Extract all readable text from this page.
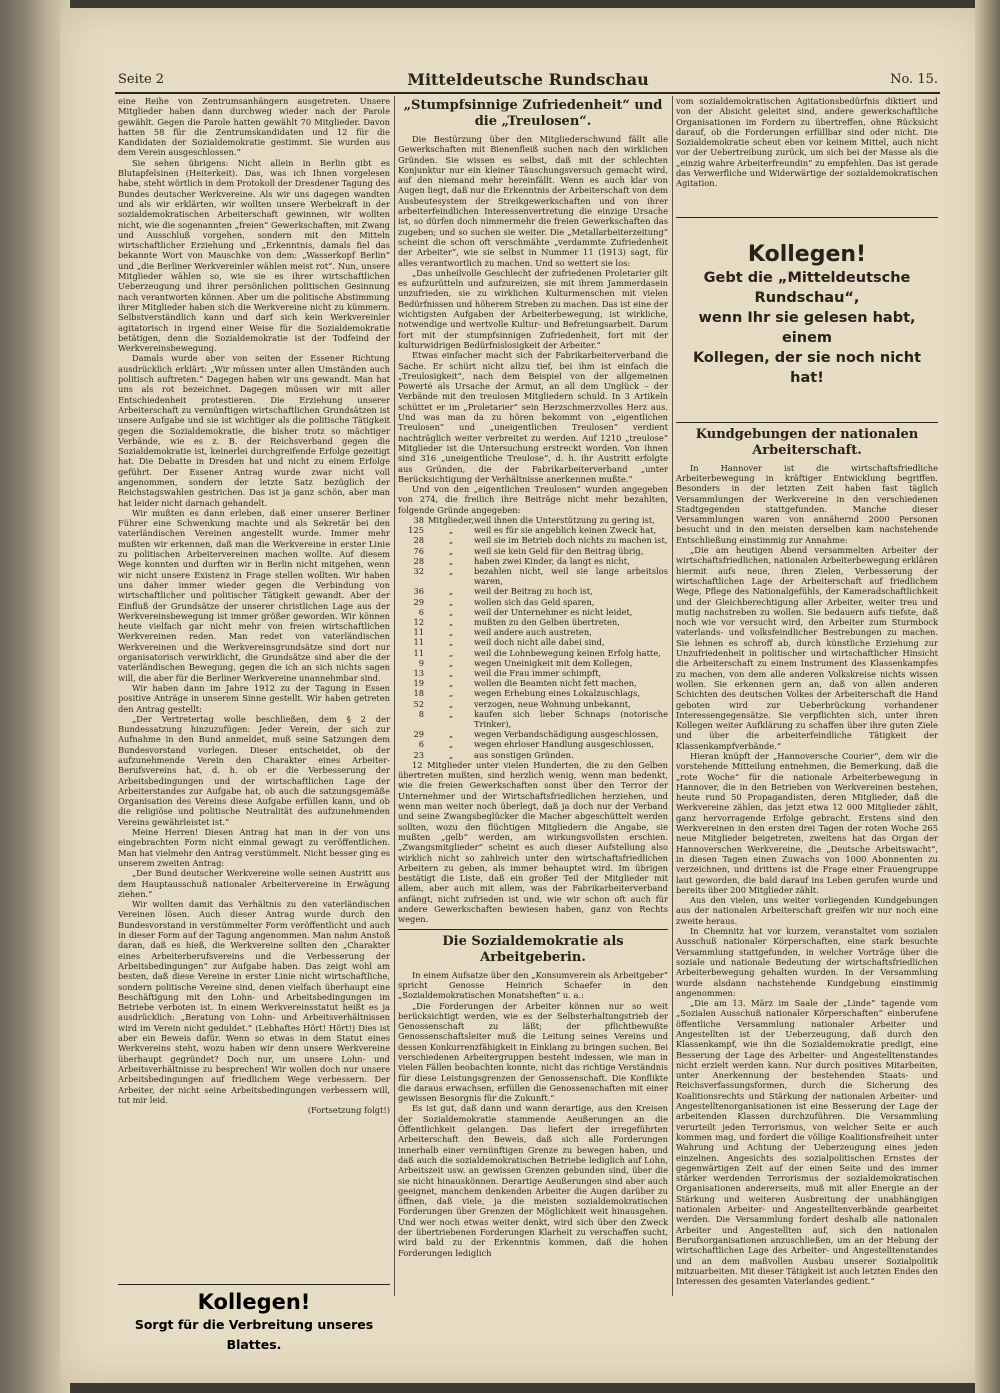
Seite 2	Mitteldeutsche Rundschau	No. 15.

eine Reihe von Zentrumsanhängern ausgetreten. Unsere Mitglieder haben dann durchweg wieder nach der Parole gewählt. Gegen die Parole hatten gewählt 70 Mitglieder. Davon hatten 58 für die Zentrumskandidaten und 12 für die Kandidaten der Sozialdemokratie gestimmt. Sie wurden aus dem Verein ausgeschlossen.“

Sie sehen übrigens: Nicht allein in Berlin gibt es Blutapfelsinen (Heiterkeit). Das, was ich Ihnen vorgelesen habe, steht wörtlich in dem Protokoll der Dresdener Tagung des Bundes deutscher Werkvereine. Als wir uns dagegen wandten und als wir erklärten, wir wollten unsere Werbekraft in der sozialdemokratischen Arbeiterschaft gewinnen, wir wollten nicht, wie die sogenannten „freien“ Gewerkschaften, mit Zwang und Ausschluß vorgehen, sondern mit den Mitteln wirtschaftlicher Erziehung und „Erkenntnis, damals fiel das bekannte Wort von Mauschke von dem: „Wasserkopf Berlin“ und „die Berliner Werkvereinler wählen meist rot“. Nun, unsere Mitglieder wählen so, wie sie es ihrer wirtschaftlichen Ueberzeugung und ihrer persönlichen politischen Gesinnung nach verantworten können. Aber um die politische Abstimmung ihrer Mitglieder haben sich die Werkvereine nicht zu kümmern. Selbstverständlich kann und darf sich kein Werkvereinler agitatorisch in irgend einer Weise für die Sozialdemokratie betätigen, denn die Sozialdemokratie ist der Todfeind der Werkvereinsbewegung.

Damals wurde aber von seiten der Essener Richtung ausdrücklich erklärt: „Wir müssen unter allen Umständen auch politisch auftreten.“ Dagegen haben wir uns gewandt. Man hat uns als rot bezeichnet. Dagegen müssen wir mit aller Entschiedenheit protestieren. Die Erziehung unserer Arbeiterschaft zu vernünftigen wirtschaftlichen Grundsätzen ist unsere Aufgabe und sie ist wichtiger als die politische Tätigkeit gegen die Sozialdemokratie, die bisher trotz so mächtiger Verbände, wie es z. B. der Reichsverband gegen die Sozialdemokratie ist, keinerlei durchgreifende Erfolge gezeitigt hat. Die Debatte in Dresden hat und nicht zu einem Erfolge geführt. Der Essener Antrag wurde zwar nicht voll angenommen, sondern der letzte Satz bezüglich der Reichstagswahlen gestrichen. Das ist ja ganz schön, aber man hat leider nicht darnach gehandelt.

Wir mußten es dann erleben, daß einer unserer Berliner Führer eine Schwenkung machte und als Sekretär bei den vaterländischen Vereinen angestellt wurde. Immer mehr mußten wir erkennen, daß man die Werkvereine in erster Linie zu politischen Arbeitervereinen machen wollte. Auf diesem Wege konnten und durften wir in Berlin nicht mitgehen, wenn wir nicht unsere Existenz in Frage stellen wollten. Wir haben uns daher immer wieder gegen die Verbindung von wirtschaftlicher und politischer Tätigkeit gewandt. Aber der Einfluß der Grundsätze der unserer christlichen Lage aus der Werkvereinsbewegung ist immer größer geworden. Wir können heute vielfach gar nicht mehr von freien wirtschaftlichen Werkvereinen reden. Man redet von vaterländischen Werkvereinen und die Werkvereinsgrundsätze sind dort nur organisatorisch verwirklicht, die Grundsätze sind aber die der vaterländischen Bewegung, gegen die ich an sich nichts sagen will, die aber für die Berliner Werkvereine unannehmbar sind.

Wir haben dann im Jahre 1912 zu der Tagung in Essen positive Anträge in unserem Sinne gestellt. Wir haben getreten den Antrag gestellt:

„Der Vertretertag wolle beschließen, dem § 2 der Bundessatzung hinzuzufügen: Jeder Verein, der sich zur Aufnahme in den Bund anmeldet, muß seine Satzungen dem Bundesvorstand vorlegen. Dieser entscheidet, ob der aufzunehmende Verein den Charakter eines Arbeiter-Berufsvereins hat, d. h. ob er die Verbesserung der Arbeitsbedingungen und der wirtschaftlichen Lage der Arbeiterstandes zur Aufgabe hat, ob auch die satzungsgemäße Organisation des Vereins diese Aufgabe erfüllen kann, und ob die religiöse und politische Neutralität des aufzunehmenden Vereins gewährleistet ist.“

Meine Herren! Diesen Antrag hat man in der von uns eingebrachten Form nicht einmal gewagt zu veröffentlichen. Man hat vielmehr den Antrag verstümmelt. Nicht besser ging es unserem zweiten Antrag:

„Der Bund deutscher Werkvereine wolle seinen Austritt aus dem Hauptausschuß nationaler Arbeitervereine in Erwägung ziehen.“

Wir wollten damit das Verhältnis zu den vaterländischen Vereinen lösen. Auch dieser Antrag wurde durch den Bundesvorstand in verstümmelter Form veröffentlicht und auch in dieser Form auf der Tagung angenommen. Man nahm Anstoß daran, daß es hieß, die Werkvereine sollten den „Charakter eines Arbeiterberufsvereins und die Verbesserung der Arbeitsbedingungen“ zur Aufgabe haben. Das zeigt wohl am besten, daß diese Vereine in erster Linie nicht wirtschaftliche, sondern politische Vereine sind, denen vielfach überhaupt eine Beschäftigung mit den Lohn- und Arbeitsbedingungen im Betriebe verboten ist. In einem Werkvereinsstatut heißt es ja ausdrücklich: „Beratung von Lohn- und Arbeitsverhältnissen wird im Verein nicht geduldet.“ (Lebhaftes Hört! Hört!) Dies ist aber ein Beweis dafür. Wenn so etwas in dem Statut eines Werkvereins steht, wozu haben wir denn unsere Werkvereine überhaupt gegründet? Doch nur, um unsere Lohn- und Arbeitsverhältnisse zu besprechen! Wir wollen doch nur unsere Arbeitsbedingungen auf friedlichem Wege verbessern. Der Arbeiter, der nicht seine Arbeitsbedingungen verbessern will, tut mir leid.

(Fortsetzung folgt!)

Kollegen!
Sorgt für die Verbreitung unseres Blattes.
„Stumpfsinnige Zufriedenheit“ und die „Treulosen“.

Die Bestürzung über den Mitgliederschwund fällt alle Gewerkschaften mit Bienenfleiß suchen nach den wirklichen Gründen. Sie wissen es selbst, daß mit der schlechten Konjunktur nur ein kleiner Täuschungsversuch gemacht wird, auf den niemand mehr hereinfällt. Wenn es auch klar von Augen liegt, daß nur die Erkenntnis der Arbeiterschaft von dem Ausbeutesystem der Streikgewerkschaften und von ihrer arbeiterfeindlichen Interessenvertretung die einzige Ursache ist, so dürfen doch nimmermehr die freien Gewerkschaften das zugeben; und so suchen sie weiter. Die „Metallarbeiterzeitung“ scheint die schon oft verschmähte „verdammte Zufriedenheit der Arbeiter“, wie sie selbst in Nummer 11 (1913) sagt, für alles verantwortlich zu machen. Und so wettert sie los:

„Das unheilvolle Geschlecht der zufriedenen Proletarier gilt es aufzurütteln und aufzureizen, sie mit ihrem Jammerdasein unzufrieden, sie zu wirklichen Kulturmenschen mit vielen Bedürfnissen und höherem Streben zu machen. Das ist eine der wichtigsten Aufgaben der Arbeiterbewegung, ist wirkliche, notwendige und wertvolle Kultur- und Befreiungsarbeit. Darum fort mit der stumpfsinnigen Zufriedenheit, fort mit der kulturwidrigen Bedürfnislosigkeit der Arbeiter.“

Etwas einfacher macht sich der Fabrikarbeiterverband die Sache. Er schürt nicht allzu tief, bei ihm ist einfach die „Treulosigkeit“, nach dem Beispiel von der allgemeinen Powerté als Ursache der Armut, an all dem Unglück – der Verbände mit den treulosen Mitgliedern schuld. In 3 Artikeln schüttet er im „Proletarier“ sein Herzschmerzvolles Herz aus. Und was man da zu hören bekommt von „eigentlichen Treulosen“ und „uneigentlichen Treulosen“ verdient nachträglich weiter verbreitet zu werden. Auf 1210 „treulose“ Mitglieder ist die Untersuchung erstreckt worden. Von ihnen sind 316 „uneigentliche Treulose“, d. h. ihr Austritt erfolgte aus Gründen, die der Fabrikarbeiterverband „unter Berücksichtigung der Verhältnisse anerkennen mußte.“

Und von den „eigentlichen Treulosen“ wurden angegeben von 274, die freilich ihre Beiträge nicht mehr bezahlten, folgende Gründe angegeben:

38	Mitglieder,	weil ihnen die Unterstützung zu gering ist,
125	„	weil es für sie angeblich keinen Zweck hat,
28	„	weil sie im Betrieb doch nichts zu machen ist,
76	„	weil sie kein Geld für den Beitrag übrig,
28	„	haben zwei Kinder, da langt es nicht,
32	„	bezahlen nicht, weil sie lange arbeitslos waren,
36	„	weil der Beitrag zu hoch ist,
29	„	wollen sich das Geld sparen,
6	„	weil der Unternehmer es nicht leidet,
12	„	mußten zu den Gelben übertreten,
11	„	weil andere auch austreten,
11	„	weil doch nicht alle dabei sind,
11	„	weil die Lohnbewegung keinen Erfolg hatte,
9	„	wegen Uneinigkeit mit dem Kollegen,
13	„	weil die Frau immer schimpft,
19	„	wollen die Beamten nicht fett machen,
18	„	wegen Erhebung eines Lokalzuschlags,
52	„	verzogen, neue Wohnung unbekannt,
8	„	kaufen sich lieber Schnaps (notorische Trinker),
29	„	wegen Verbandschädigung ausgeschlossen,
6	„	wegen ehrloser Handlung ausgeschlossen,
23	„	aus sonstigen Gründen.

12 Mitglieder unter vielen Hunderten, die zu den Gelben übertreten mußten, sind herzlich wenig, wenn man bedenkt, wie die freien Gewerkschaften sonst über den Terror der Unternehmer und der Wirtschaftsfriedlichen herziehen, und wenn man weiter noch überlegt, daß ja doch nur der Verband und seine Zwangsbeglücker die Macher abgeschüttelt werden sollten, wozu den flüchtigen Mitgliedern die Angabe, sie mußten „gelb“ werden, am wirkungsvollsten erschien. „Zwangsmitglieder“ scheint es auch dieser Aufstellung also wirklich nicht so zahlreich unter den wirtschaftsfriedlichen Arbeitern zu geben, als immer behauptet wird. Im übrigen bestätigt die Liste, daß ein großer Teil der Mitglieder mit allem, aber auch mit allem, was der Fabrikarbeiterverband anfängt, nicht zufrieden ist und, wie wir schon oft auch für andere Gewerkschaften bewiesen haben, ganz von Rechts wegen.

Die Sozialdemokratie als Arbeitgeberin.

In einem Aufsatze über den „Konsumverein als Arbeitgeber“ spricht Genosse Heinrich Schaefer in den „Sozialdemokratischen Monatsheften“ u. a.:

„Die Forderungen der Arbeiter können nur so weit berücksichtigt werden, wie es der Selbsterhaltungstrieb der Genossenschaft zu läßt; der pflichtbewußte Genossenschaftsleiter muß die Leitung seines Vereins und dessen Konkurrenzfähigkeit in Einklang zu bringen suchen. Bei verschiedenen Arbeitergruppen besteht indessen, wie man in vielen Fällen beobachten konnte, nicht das richtige Verständnis für diese Leistungsgrenzen der Genossenschaft. Die Konflikte die daraus erwachsen, erfüllen die Genossenschaften mit einer gewissen Besorgnis für die Zukunft.“

Es ist gut, daß dann und wann derartige, aus den Kreisen der Sozialdemokratie stammende Aeußerungen an die Öffentlichkeit gelangen. Das liefert der irregeführten Arbeiterschaft den Beweis, daß sich alle Forderungen innerhalb einer vernünftigen Grenze zu bewegen haben, und daß auch die sozialdemokratischen Betriebe lediglich auf Lohn, Arbeitszeit usw. an gewissen Grenzen gebunden sind, über die sie nicht hinauskönnen. Derartige Aeußerungen sind aber auch geeignet, manchem denkenden Arbeiter die Augen darüber zu öffnen, daß viele, ja die meisten sozialdemokratischen Forderungen über Grenzen der Möglichkeit weit hinausgehen. Und wer noch etwas weiter denkt, wird sich über den Zweck der übertriebenen Forderungen Klarheit zu verschaffen sucht, wird bald zu der Erkenntnis kommen, daß die hohen Forderungen lediglich

vom sozialdemokratischen Agitationsbedürfnis diktiert und von der Absicht geleitet sind, andere gewerkschaftliche Organisationen im Fordern zu übertreffen, ohne Rücksicht darauf, ob die Forderungen erfüllbar sind oder nicht. Die Sozialdemokratie scheut eben vor keinem Mittel, auch nicht vor der Uebertreibung zurück, um sich bei der Masse als die „einzig wahre Arbeiterfreundin“ zu empfehlen. Das ist gerade das Verwerfliche und Widerwärtige der sozialdemokratischen Agitation.

Kollegen!
Gebt die „Mitteldeutsche Rundschau“,
wenn Ihr sie gelesen habt, einem
Kollegen, der sie noch nicht hat!
Kundgebungen der nationalen Arbeiterschaft.

In Hannover ist die wirtschaftsfriedliche Arbeiterbewegung in kräftiger Entwicklung begriffen. Besonders in der letzten Zeit haben fast täglich Versammlungen der Werkvereine in den verschiedenen Stadtgegenden stattgefunden. Manche dieser Versammlungen waren von annähernd 2000 Personen besucht und in den meisten derselben kam nachstehende Entschließung einstimmig zur Annahme:

„Die am heutigen Abend versammelten Arbeiter der wirtschaftsfriedlichen, nationalen Arbeiterbewegung erklären hiermit aufs neue, ihren Zielen, Verbesserung der wirtschaftlichen Lage der Arbeiterschaft auf friedlichem Wege, Pflege des Nationalgefühls, der Kameradschaftlichkeit und der Gleichberechtigung aller Arbeiter, weiter treu und mutig nachstreben zu wollen. Sie bedauern aufs tiefste, daß noch wie vor versucht wird, den Arbeiter zum Sturmbock vaterlands- und volksfeindlicher Bestrebungen zu machen. Sie lehnen es schroff ab, durch künstliche Erziehung zur Unzufriedenheit in politischer und wirtschaftlicher Hinsicht die Arbeiterschaft zu einem Instrument des Klassenkampfes zu machen, von dem alle anderen Volkskreise nichts wissen wollen. Sie erkennen gern an, daß von allen anderen Schichten des deutschen Volkes der Arbeiterschaft die Hand geboten wird zur Ueberbrückung vorhandener Interessengegensätze. Sie verpflichten sich, unter ihren Kollegen weiter Aufklärung zu schaffen über ihre guten Ziele und über die arbeiterfeindliche Tätigkeit der Klassenkampfverbände.“

Hieran knüpft der „Hannoversche Courier“, dem wir die vorstehende Mitteilung entnehmen, die Bemerkung, daß die „rote Woche“ für die nationale Arbeiterbewegung in Hannover, die in den Betrieben von Werkvereinen bestehen, heute rund 50 Propagandisten, deren Mitglieder, daß die Werkvereine zählen, das jetzt etwa 12 000 Mitglieder zählt, ganz hervorragende Erfolge gebracht. Erstens sind den Werkvereinen in den ersten drei Tagen der roten Woche 265 neue Mitglieder beigetreten, zweitens hat das Organ der Hannoverschen Werkvereine, die „Deutsche Arbeitswacht“, in diesen Tagen einen Zuwachs von 1000 Abonnenten zu verzeichnen, und drittens ist die Frage einer Frauengruppe laut geworden, die bald darauf ins Leben gerufen wurde und bereits über 200 Mitglieder zählt.

Aus den vielen, uns weiter vorliegenden Kundgebungen aus der nationalen Arbeiterschaft greifen wir nur noch eine zweite heraus.

In Chemnitz hat vor kurzem, veranstaltet vom sozialen Ausschuß nationaler Körperschaften, eine stark besuchte Versammlung stattgefunden, in welcher Vorträge über die soziale und nationale Bedeutung der wirtschaftsfriedlichen Arbeiterbewegung gehalten wurden. In der Versammlung wurde alsdann nachstehende Kundgebung einstimmig angenommen:

„Die am 13. März im Saale der „Linde“ tagende vom „Sozialen Ausschuß nationaler Körperschaften“ einberufene öffentliche Versammlung nationaler Arbeiter und Angestellten ist der Ueberzeugung, daß durch den Klassenkampf, wie ihn die Sozialdemokratie predigt, eine Besserung der Lage des Arbeiter- und Angestelltenstandes nicht erzielt werden kann. Nur durch positives Mitarbeiten, unter Anerkennung der bestehenden Staats- und Reichsverfassungsformen, durch die Sicherung des Koalitionsrechts und Stärkung der nationalen Arbeiter- und Angestelltenorganisationen ist eine Besserung der Lage der arbeitenden Klassen durchzuführen. Die Versammlung verurteilt jeden Terrorismus, von welcher Seite er auch kommen mag, und fordert die völlige Koalitionsfreiheit unter Wahrung und Achtung der Ueberzeugung eines jeden einzelnen. Angesichts des sozialpolitischen Ernstes der gegenwärtigen Zeit auf der einen Seite und des immer stärker werdenden Terrorismus der sozialdemokratischen Organisationen andererseits, muß mit aller Energie an der Stärkung und weiteren Ausbreitung der unabhängigen nationalen Arbeiter- und Angestelltenverbände gearbeitet werden. Die Versammlung fordert deshalb alle nationalen Arbeiter und Angestellten auf, sich den nationalen Berufsorganisationen anzuschließen, um an der Hebung der wirtschaftlichen Lage des Arbeiter- und Angestelltenstandes und an dem maßvollen Ausbau unserer Sozialpolitik mitzuarbeiten. Mit dieser Tätigkeit ist auch letzten Endes den Interessen des gesamten Vaterlandes gedient.“
